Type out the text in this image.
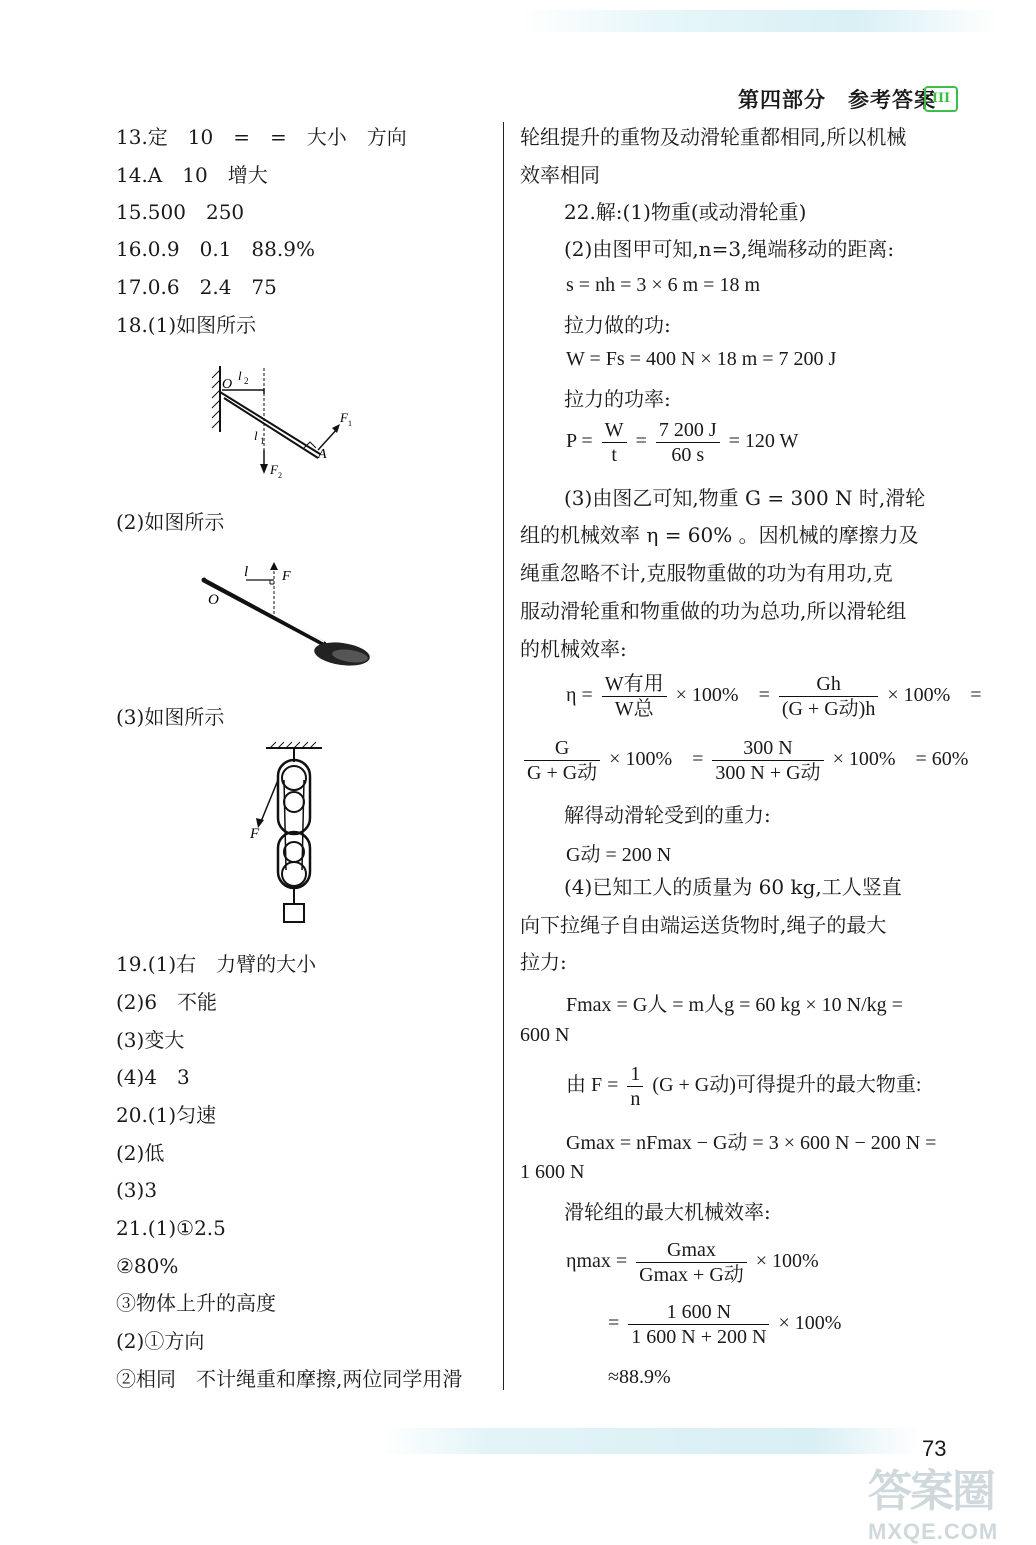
第四部分 参考答案
III
13.定　10　=　=　大小　方向
14.A　10　增大
15.500　250
16.0.9　0.1　88.9%
17.0.6　2.4　75
18.(1)如图所示
O
l 2
l 1
F 1
F 2
A
(2)如图所示
O
l F
(3)如图所示
F
19.(1)右　力臂的大小
(2)6　不能
(3)变大
(4)4　3
20.(1)匀速
(2)低
(3)3
21.(1)①2.5
②80%
③物体上升的高度
(2)①方向
②相同　不计绳重和摩擦,两位同学用滑
轮组提升的重物及动滑轮重都相同,所以机械
效率相同
22.解:(1)物重(或动滑轮重)
(2)由图甲可知,n=3,绳端移动的距离:
s = nh = 3 × 6 m = 18 m
拉力做的功:
W = Fs = 400 N × 18 m = 7 200 J
拉力的功率:
$P = \frac{W}{t} = \frac{7 200 J}{60 s} = 120$ W
(3)由图乙可知,物重 G = 300 N 时,滑轮
组的机械效率 η = 60% 。因机械的摩擦力及
绳重忽略不计,克服物重做的功为有用功,克
服动滑轮重和物重做的功为总功,所以滑轮组
的机械效率:
$\eta = \frac{\text{W有用}}{\text{W总}} \times 100\%$　= $\frac{Gh}{\text{(G + G动)h}} \times 100\%$　=
$\frac{G}{\text{G + G动}} \times 100\%$　= $\frac{300 N}{\text{300 N + G动}} \times 100\%$　= 60%
解得动滑轮受到的重力:
G动 = 200 N
(4)已知工人的质量为 60 kg,工人竖直
向下拉绳子自由端运送货物时,绳子的最大
拉力:
Fmax = G人 = m人g = 60 kg × 10 N/kg =
600 N
由 $F = \frac{1}{n} (G + G$动)可得提升的最大物重:
Gmax = nFmax − G动 = 3 × 600 N − 200 N =
1 600 N
滑轮组的最大机械效率:
$\eta\max = \frac{Gmax}{\text{Gmax + G动}} \times 100\%$
= $\frac{1 600 N}{1 600 N + 200 N} \times 100\%$
≈88.9%
73
答案圈
MXQE.COM
